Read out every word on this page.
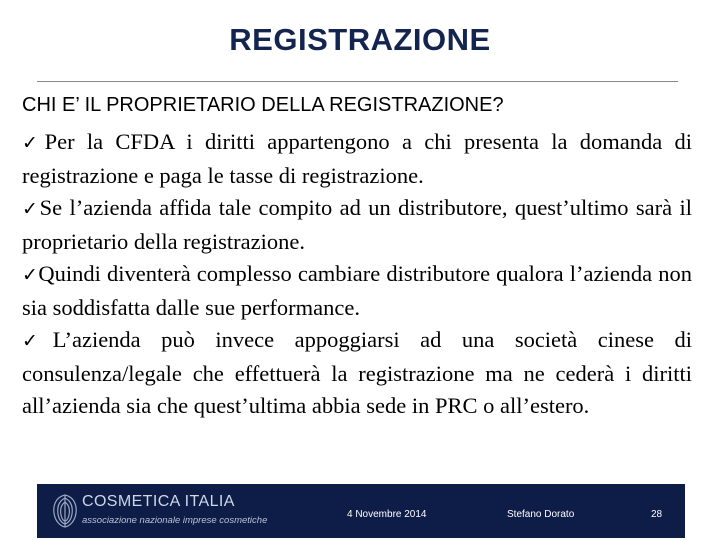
REGISTRAZIONE

CHI E’ IL PROPRIETARIO DELLA REGISTRAZIONE?

✓Per la CFDA i diritti appartengono a chi presenta la domanda di registrazione e paga le tasse di registrazione.
✓Se l’azienda affida tale compito ad un distributore, quest’ultimo sarà il proprietario della registrazione.
✓Quindi diventerà complesso cambiare distributore qualora l’azienda non sia soddisfatta dalle sue performance.
✓L’azienda può invece appoggiarsi ad una società cinese di consulenza/legale che effettuerà la registrazione ma ne cederà i diritti all’azienda sia che quest’ultima abbia sede in PRC o all’estero.
COSMETICA ITALIA
associazione nazionale imprese cosmetiche
4 Novembre 2014	Stefano Dorato	28
